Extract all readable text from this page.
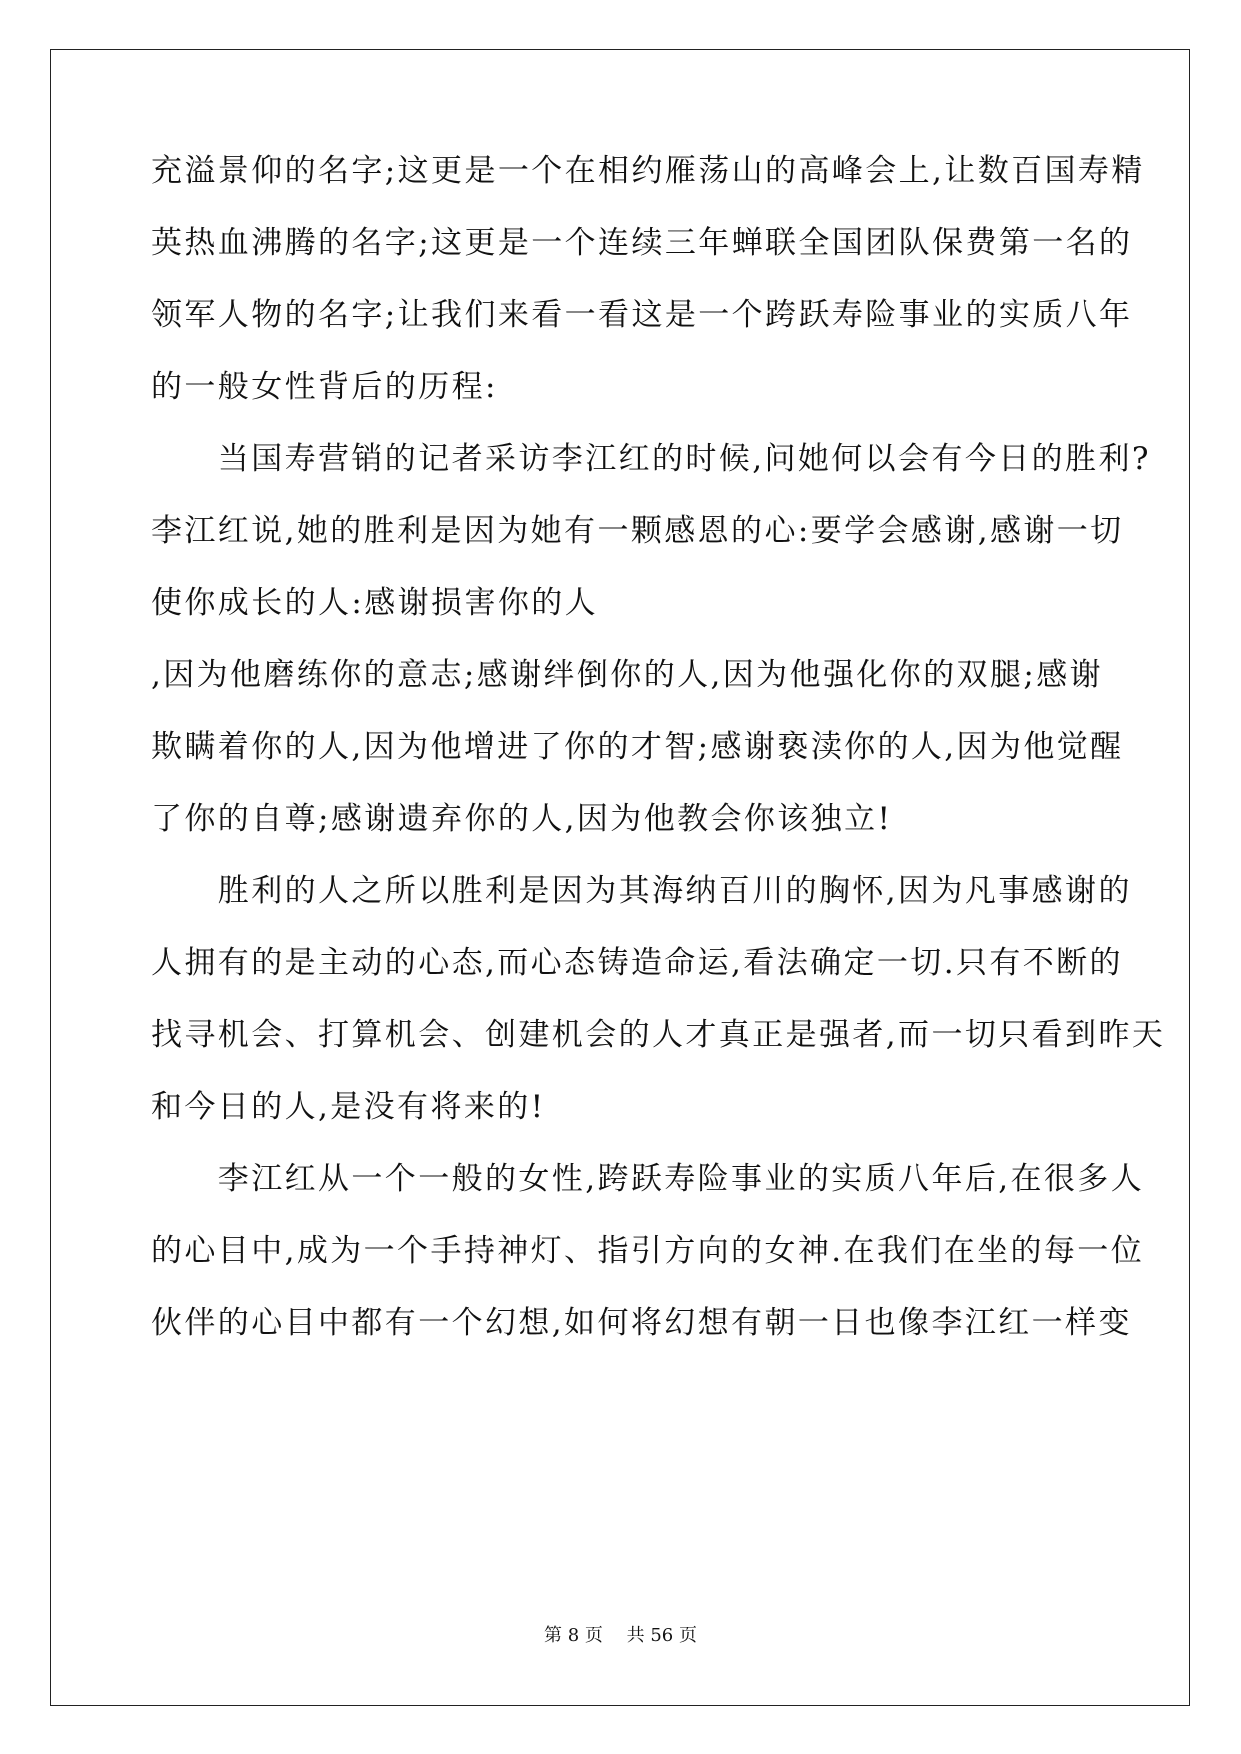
充溢景仰的名字;这更是一个在相约雁荡山的高峰会上,让数百国寿精
英热血沸腾的名字;这更是一个连续三年蝉联全国团队保费第一名的
领军人物的名字;让我们来看一看这是一个跨跃寿险事业的实质八年
的一般女性背后的历程:
　　当国寿营销的记者采访李江红的时候,问她何以会有今日的胜利?
李江红说,她的胜利是因为她有一颗感恩的心:要学会感谢,感谢一切
使你成长的人:感谢损害你的人
,因为他磨练你的意志;感谢绊倒你的人,因为他强化你的双腿;感谢
欺瞒着你的人,因为他增进了你的才智;感谢亵渎你的人,因为他觉醒
了你的自尊;感谢遗弃你的人,因为他教会你该独立!
　　胜利的人之所以胜利是因为其海纳百川的胸怀,因为凡事感谢的
人拥有的是主动的心态,而心态铸造命运,看法确定一切.只有不断的
找寻机会、打算机会、创建机会的人才真正是强者,而一切只看到昨天
和今日的人,是没有将来的!
　　李江红从一个一般的女性,跨跃寿险事业的实质八年后,在很多人
的心目中,成为一个手持神灯、指引方向的女神.在我们在坐的每一位
伙伴的心目中都有一个幻想,如何将幻想有朝一日也像李江红一样变
第 8 页　 共 56 页
